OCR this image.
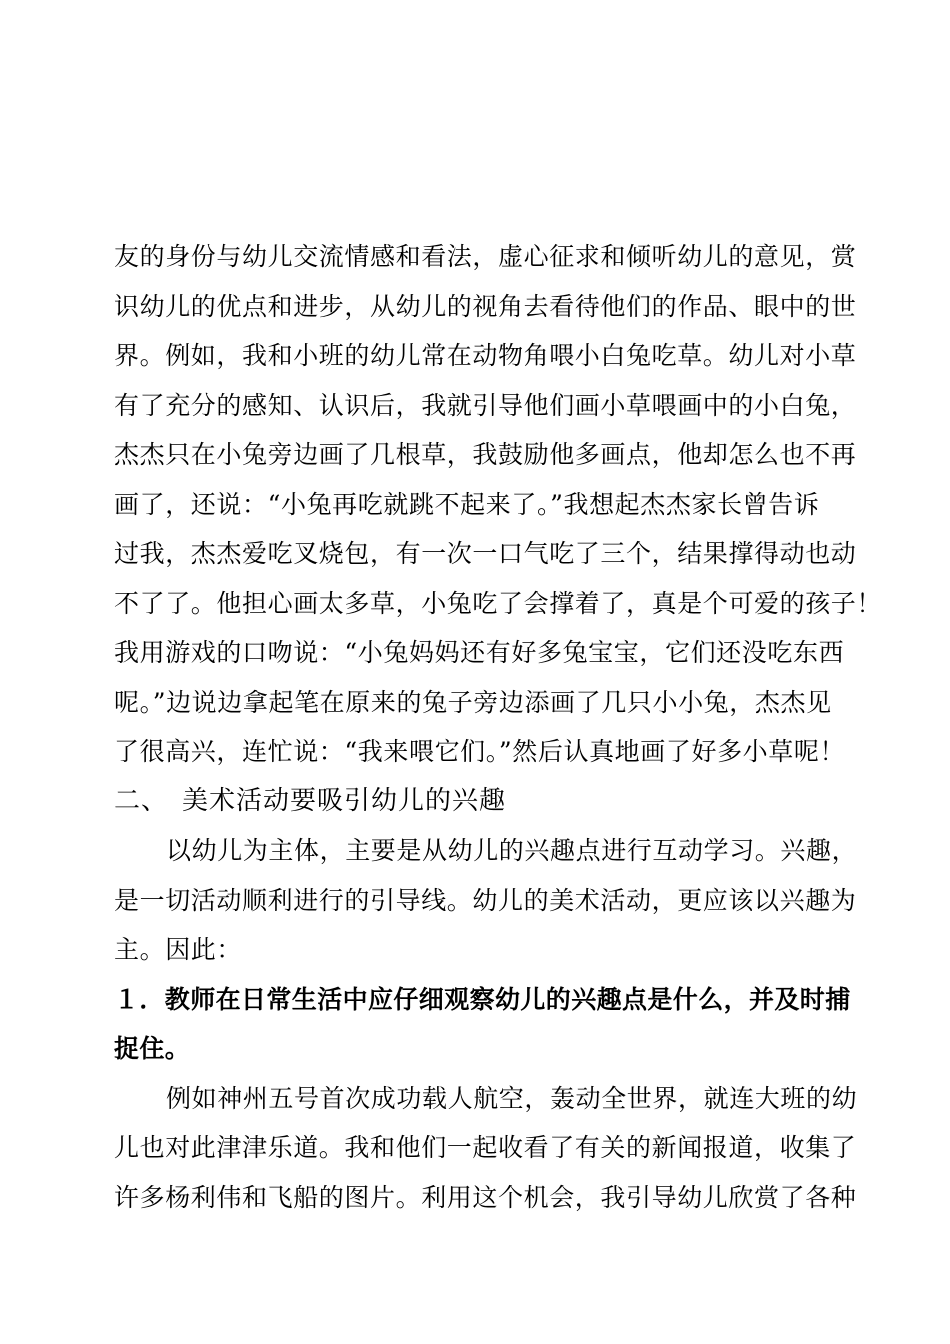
友的身份与幼儿交流情感和看法，虚心征求和倾听幼儿的意见，赏
识幼儿的优点和进步，从幼儿的视角去看待他们的作品、眼中的世
界。例如，我和小班的幼儿常在动物角喂小白兔吃草。幼儿对小草
有了充分的感知、认识后，我就引导他们画小草喂画中的小白兔，
杰杰只在小兔旁边画了几根草，我鼓励他多画点，他却怎么也不再
画了，还说：“小兔再吃就跳不起来了。”我想起杰杰家长曾告诉
过我，杰杰爱吃叉烧包，有一次一口气吃了三个，结果撑得动也动
不了了。他担心画太多草，小兔吃了会撑着了，真是个可爱的孩子！
我用游戏的口吻说：“小兔妈妈还有好多兔宝宝，它们还没吃东西
呢。”边说边拿起笔在原来的兔子旁边添画了几只小小兔，杰杰见
了很高兴，连忙说：“我来喂它们。”然后认真地画了好多小草呢！
二、 美术活动要吸引幼儿的兴趣
以幼儿为主体，主要是从幼儿的兴趣点进行互动学习。兴趣，
是一切活动顺利进行的引导线。幼儿的美术活动，更应该以兴趣为
主。因此：
１．教师在日常生活中应仔细观察幼儿的兴趣点是什么，并及时捕
捉住。
例如神州五号首次成功载人航空，轰动全世界，就连大班的幼
儿也对此津津乐道。我和他们一起收看了有关的新闻报道，收集了
许多杨利伟和飞船的图片。利用这个机会，我引导幼儿欣赏了各种
